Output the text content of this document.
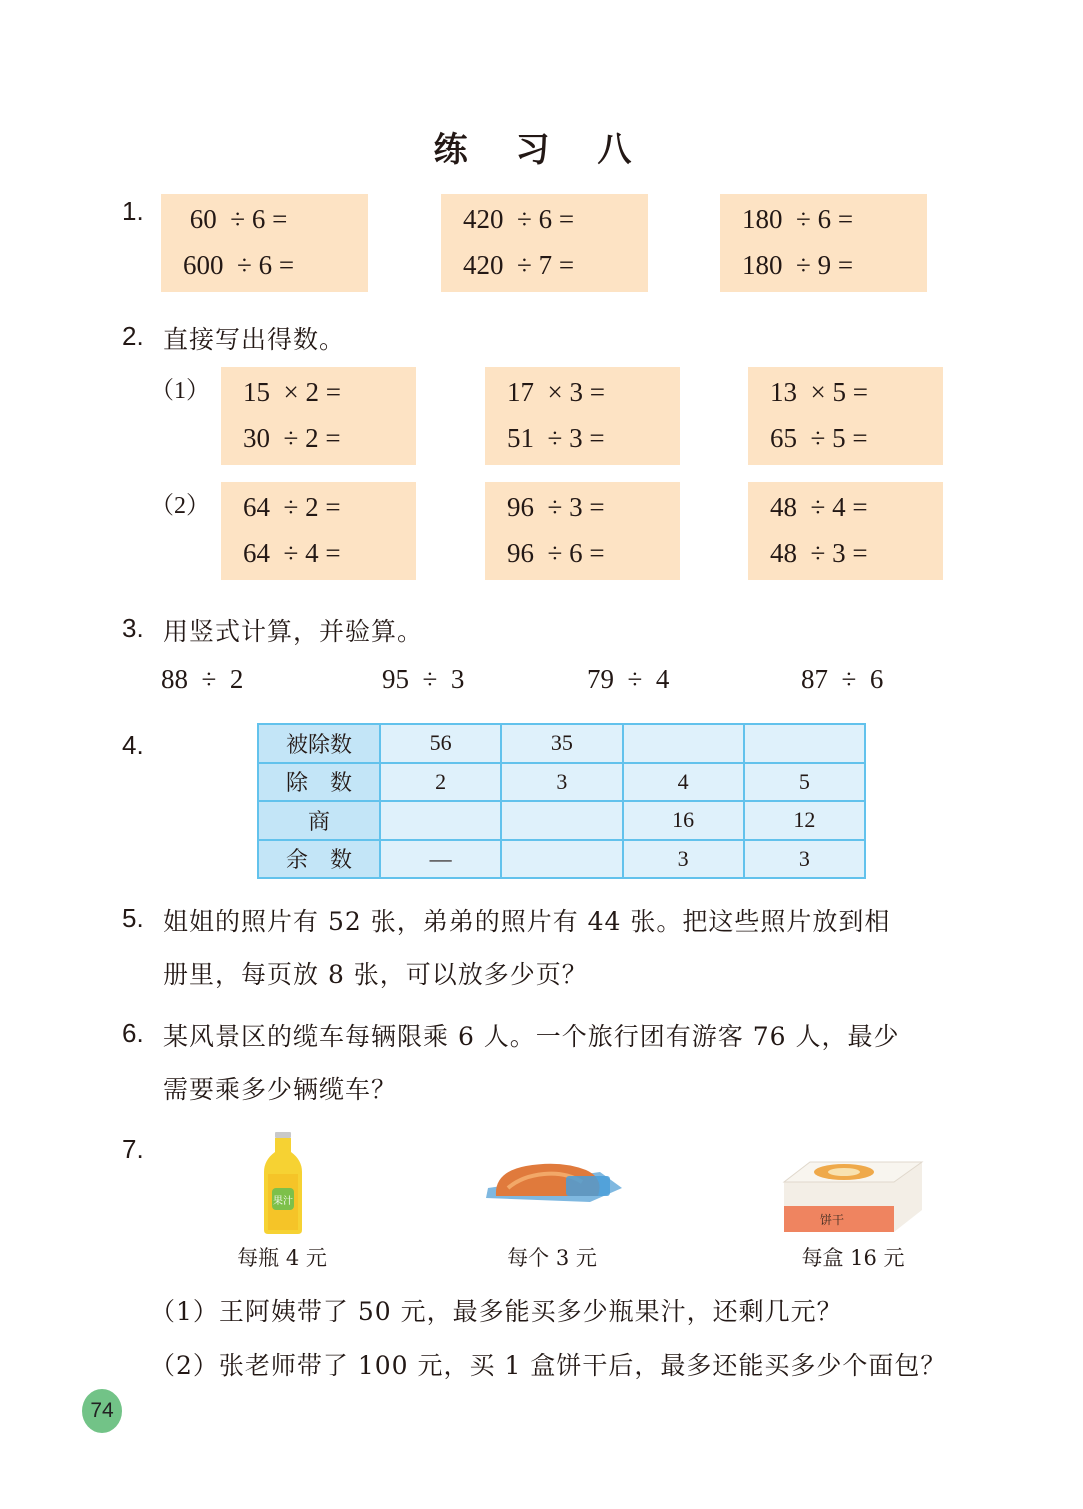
练 习 八
1. 60  ÷ 6 =
600  ÷ 6 =
420  ÷ 6 =
420  ÷ 7 =
180  ÷ 6 =
180  ÷ 9 =
2. 直接写出得数。
（1） 15  × 2 =
30  ÷ 2 =
17  × 3 =
51  ÷ 3 =
13  × 5 =
65  ÷ 5 =
（2） 64  ÷ 2 =
64  ÷ 4 =
96  ÷ 3 =
96  ÷ 6 =
48  ÷ 4 =
48  ÷ 3 =
3. 用竖式计算，并验算。
88  ÷  2	95  ÷  3	79  ÷  4	87  ÷  6
4.	被除数	56	35		
除　数	2	3	4	5
商			16	12
余　数	—		3	3
5. 姐姐的照片有 52 张，弟弟的照片有 44 张。把这些照片放到相
册里，每页放 8 张，可以放多少页？
6. 某风景区的缆车每辆限乘 6 人。一个旅行团有游客 76 人，最少
需要乘多少辆缆车？
7.
果汁
饼干
每瓶 4 元	每个 3 元	每盒 16 元
（1）王阿姨带了 50 元，最多能买多少瓶果汁，还剩几元？
（2）张老师带了 100 元，买 1 盒饼干后，最多还能买多少个面包？
74
